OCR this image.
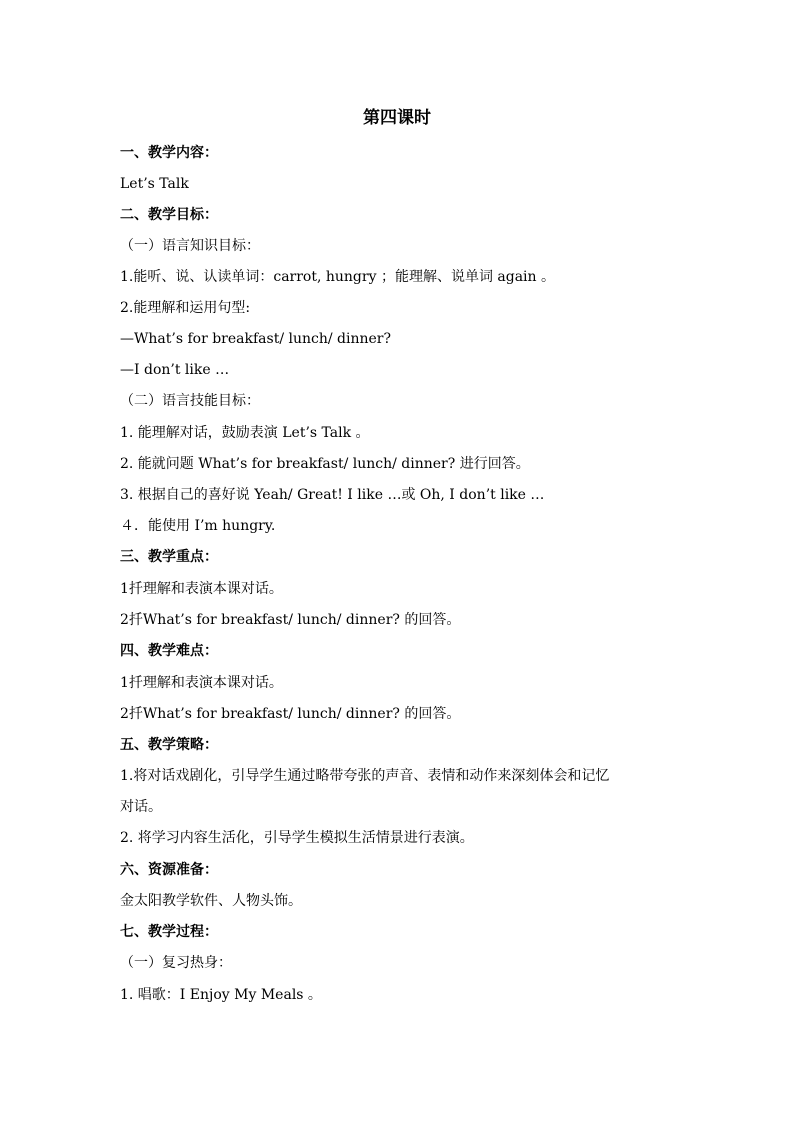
第四课时
一、教学内容：
Let’s Talk
二、教学目标：
（一）语言知识目标：
1.能听、说、认读单词：carrot, hungry ；能理解、说单词 again 。
2.能理解和运用句型:
—What’s for breakfast/ lunch/ dinner?
—I don’t like …
（二）语言技能目标：
1. 能理解对话，鼓励表演 Let’s Talk 。
2. 能就问题 What’s for breakfast/ lunch/ dinner? 进行回答。
3. 根据自己的喜好说 Yeah/ Great! I like …或 Oh, I don’t like …
４．能使用 I’m hungry.
三、教学重点：
1扦理解和表演本课对话。
2扦What’s for breakfast/ lunch/ dinner? 的回答。
四、教学难点：
1扦理解和表演本课对话。
2扦What’s for breakfast/ lunch/ dinner? 的回答。
五、教学策略：
1.将对话戏剧化，引导学生通过略带夸张的声音、表情和动作来深刻体会和记忆
对话。
2. 将学习内容生活化，引导学生模拟生活情景进行表演。
六、资源准备：
金太阳教学软件、人物头饰。
七、教学过程：
（一）复习热身：
1. 唱歌：I Enjoy My Meals 。
